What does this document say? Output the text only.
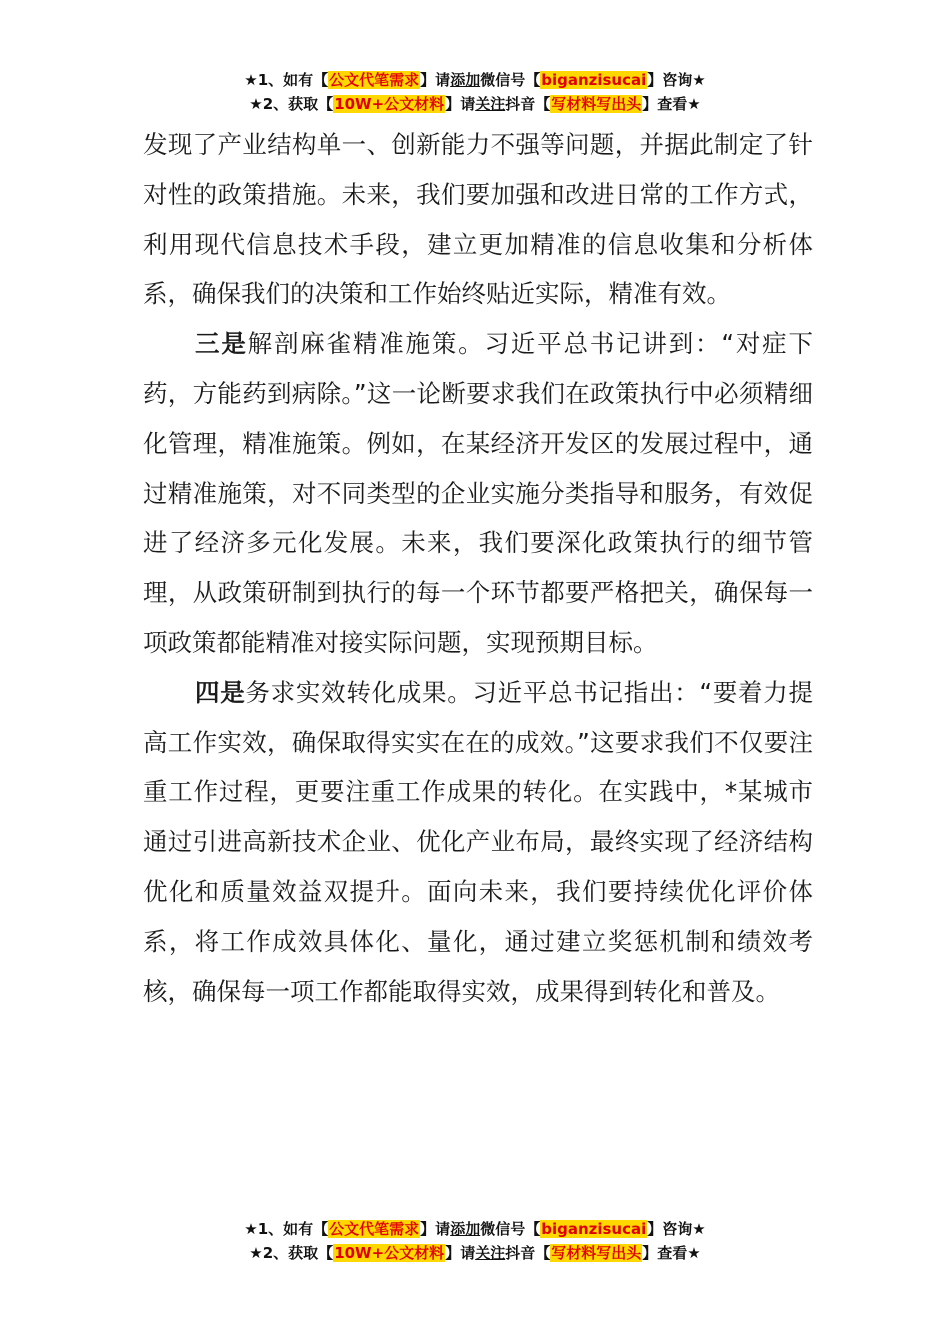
★1、如有【公文代笔需求】请添加微信号【biganzisucai】咨询★
★2、获取【10W+公文材料】请关注抖音【写材料写出头】查看★

发现了产业结构单一、创新能力不强等问题，并据此制定了针对性的政策措施。未来，我们要加强和改进日常的工作方式，利用现代信息技术手段，建立更加精准的信息收集和分析体系，确保我们的决策和工作始终贴近实际，精准有效。

三是解剖麻雀精准施策。习近平总书记讲到：“对症下药，方能药到病除。”这一论断要求我们在政策执行中必须精细化管理，精准施策。例如，在某经济开发区的发展过程中，通过精准施策，对不同类型的企业实施分类指导和服务，有效促进了经济多元化发展。未来，我们要深化政策执行的细节管理，从政策研制到执行的每一个环节都要严格把关，确保每一项政策都能精准对接实际问题，实现预期目标。

四是务求实效转化成果。习近平总书记指出：“要着力提高工作实效，确保取得实实在在的成效。”这要求我们不仅要注重工作过程，更要注重工作成果的转化。在实践中，*某城市通过引进高新技术企业、优化产业布局，最终实现了经济结构优化和质量效益双提升。面向未来，我们要持续优化评价体系，将工作成效具体化、量化，通过建立奖惩机制和绩效考核，确保每一项工作都能取得实效，成果得到转化和普及。

★1、如有【公文代笔需求】请添加微信号【biganzisucai】咨询★
★2、获取【10W+公文材料】请关注抖音【写材料写出头】查看★
